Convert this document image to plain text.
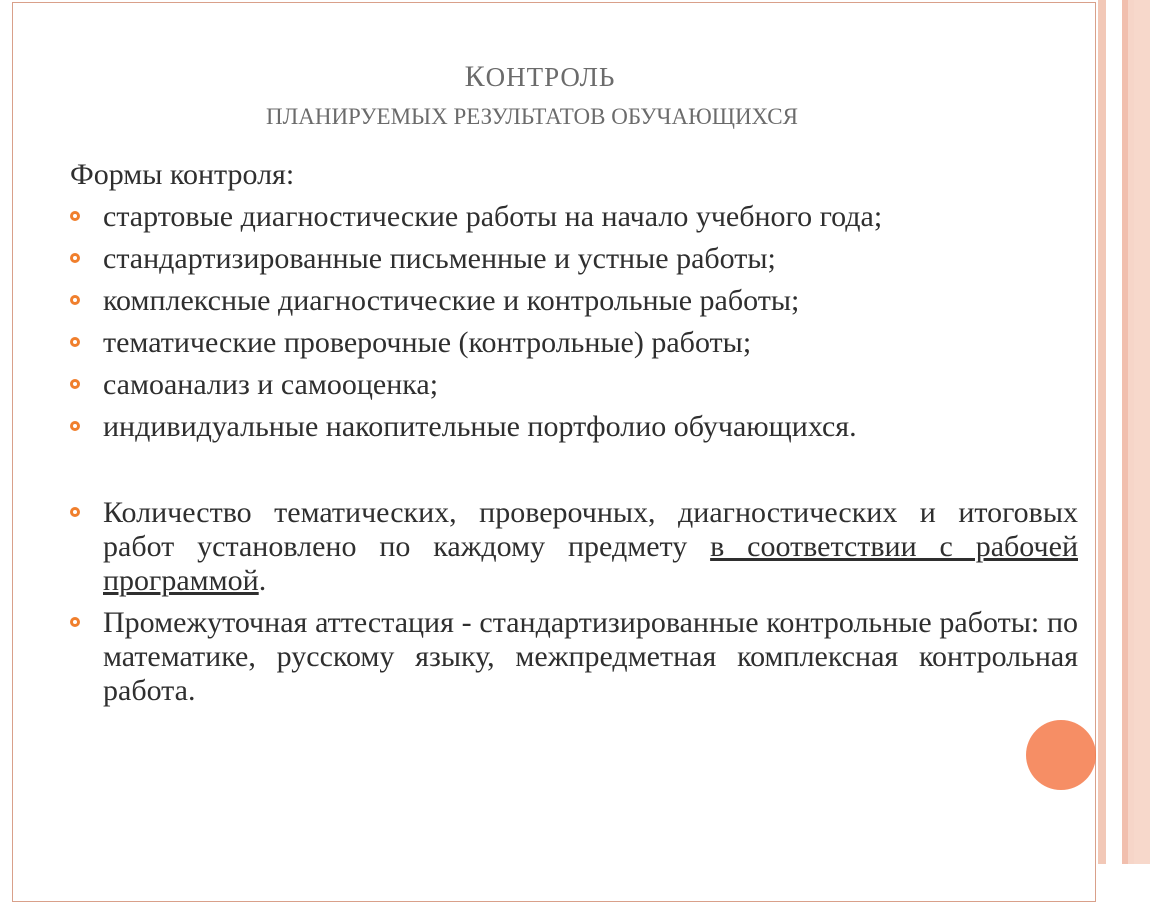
КОНТРОЛЬ
ПЛАНИРУЕМЫХ РЕЗУЛЬТАТОВ ОБУЧАЮЩИХСЯ
Формы контроля:
стартовые диагностические работы на начало учебного года;
стандартизированные письменные и устные работы;
комплексные диагностические и контрольные работы;
тематические проверочные (контрольные) работы;
самоанализ и самооценка;
индивидуальные накопительные портфолио обучающихся.
Количество тематических, проверочных, диагностических и итоговых работ установлено по каждому предмету в соответствии с рабочей программой.
Промежуточная аттестация - стандартизированные контрольные работы: по математике, русскому языку, межпредметная комплексная контрольная работа.
